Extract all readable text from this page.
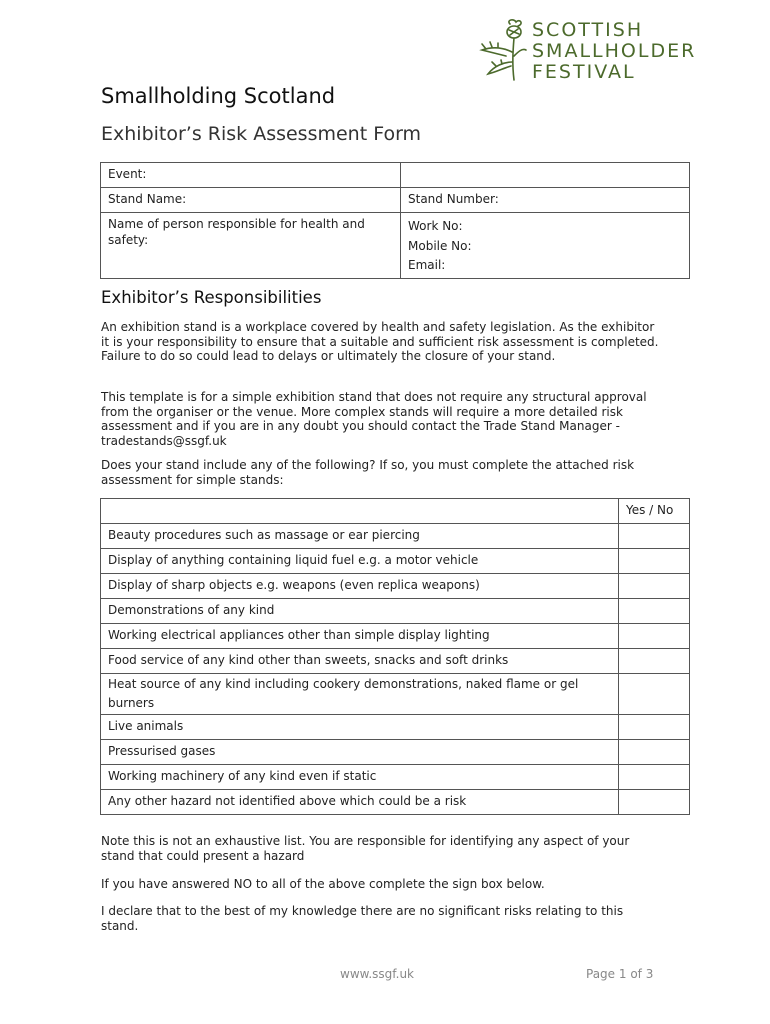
SCOTTISH
SMALLHOLDER
FESTIVAL
Smallholding Scotland
Exhibitor’s Risk Assessment Form
Event:	
Stand Name:	Stand Number:
Name of person responsible for health and safety:	Work No:
Mobile No:
Email:
Exhibitor’s Responsibilities
An exhibition stand is a workplace covered by health and safety legislation. As the exhibitor it is your responsibility to ensure that a suitable and sufficient risk assessment is completed. Failure to do so could lead to delays or ultimately the closure of your stand.
This template is for a simple exhibition stand that does not require any structural approval from the organiser or the venue. More complex stands will require a more detailed risk assessment and if you are in any doubt you should contact the Trade Stand Manager - tradestands@ssgf.uk
Does your stand include any of the following? If so, you must complete the attached risk assessment for simple stands:
	Yes / No
Beauty procedures such as massage or ear piercing	
Display of anything containing liquid fuel e.g. a motor vehicle	
Display of sharp objects e.g. weapons (even replica weapons)	
Demonstrations of any kind	
Working electrical appliances other than simple display lighting	
Food service of any kind other than sweets, snacks and soft drinks	

Heat source of any kind including cookery demonstrations, naked flame or gel
burners	

Live animals	
Pressurised gases	
Working machinery of any kind even if static	
Any other hazard not identified above which could be a risk	
Note this is not an exhaustive list. You are responsible for identifying any aspect of your stand that could present a hazard
If you have answered NO to all of the above complete the sign box below.
I declare that to the best of my knowledge there are no significant risks relating to this stand.
www.ssgf.uk	Page 1 of 3
